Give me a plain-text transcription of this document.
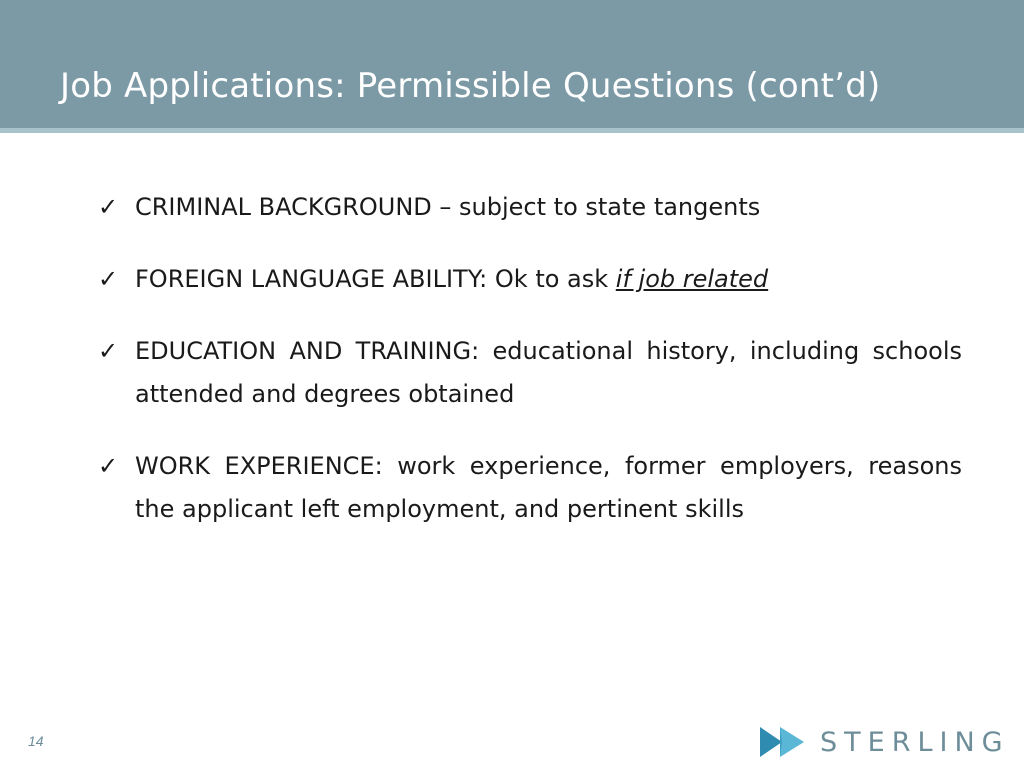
Job Applications: Permissible Questions (cont’d)
✓ CRIMINAL BACKGROUND – subject to state tangents
✓ FOREIGN LANGUAGE ABILITY: Ok to ask if job related
✓ EDUCATION AND TRAINING: educational history, including schools attended and degrees obtained
✓ WORK EXPERIENCE: work experience, former employers, reasons the applicant left employment, and pertinent skills
14	STERLING
